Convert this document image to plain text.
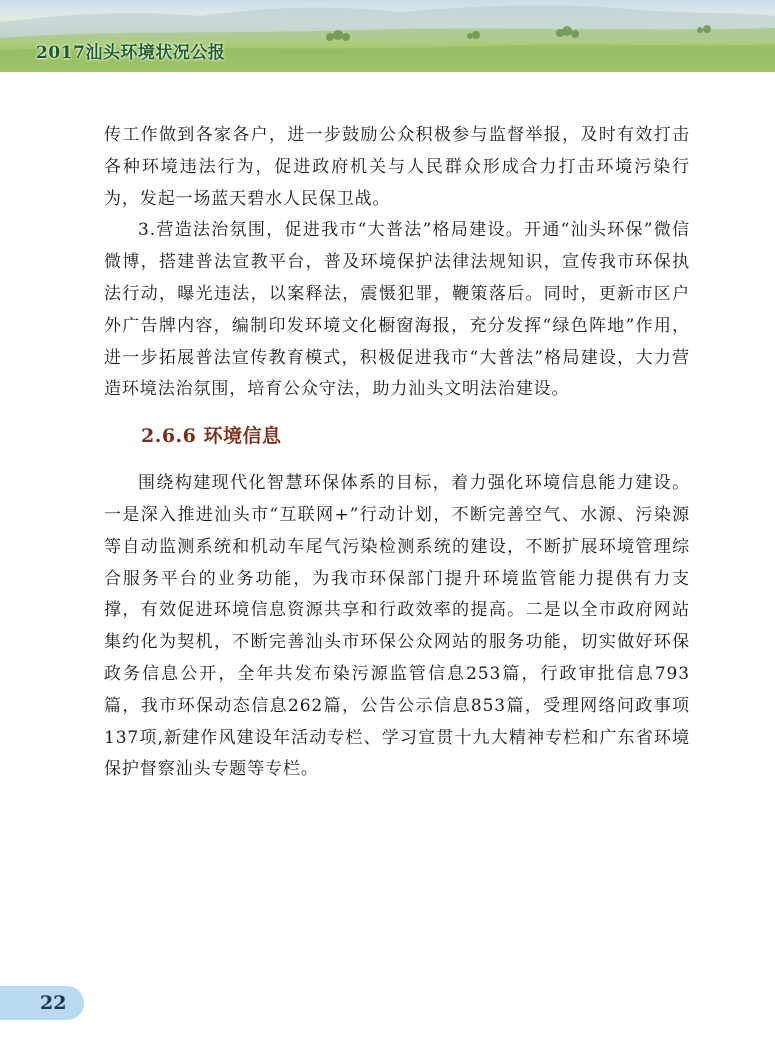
2017汕头环境状况公报

传工作做到各家各户，进一步鼓励公众积极参与监督举报，及时有效打击各种环境违法行为，促进政府机关与人民群众形成合力打击环境污染行为，发起一场蓝天碧水人民保卫战。

3.营造法治氛围，促进我市“大普法”格局建设。开通“汕头环保”微信微博，搭建普法宣教平台，普及环境保护法律法规知识，宣传我市环保执法行动，曝光违法，以案释法，震慑犯罪，鞭策落后。同时，更新市区户外广告牌内容，编制印发环境文化橱窗海报，充分发挥“绿色阵地”作用，进一步拓展普法宣传教育模式，积极促进我市“大普法”格局建设，大力营造环境法治氛围，培育公众守法，助力汕头文明法治建设。

2.6.6 环境信息

围绕构建现代化智慧环保体系的目标，着力强化环境信息能力建设。一是深入推进汕头市“互联网+”行动计划，不断完善空气、水源、污染源等自动监测系统和机动车尾气污染检测系统的建设，不断扩展环境管理综合服务平台的业务功能，为我市环保部门提升环境监管能力提供有力支撑，有效促进环境信息资源共享和行政效率的提高。二是以全市政府网站集约化为契机，不断完善汕头市环保公众网站的服务功能，切实做好环保政务信息公开，全年共发布染污源监管信息253篇，行政审批信息793篇，我市环保动态信息262篇，公告公示信息853篇，受理网络问政事项137项,新建作风建设年活动专栏、学习宣贯十九大精神专栏和广东省环境保护督察汕头专题等专栏。

22
